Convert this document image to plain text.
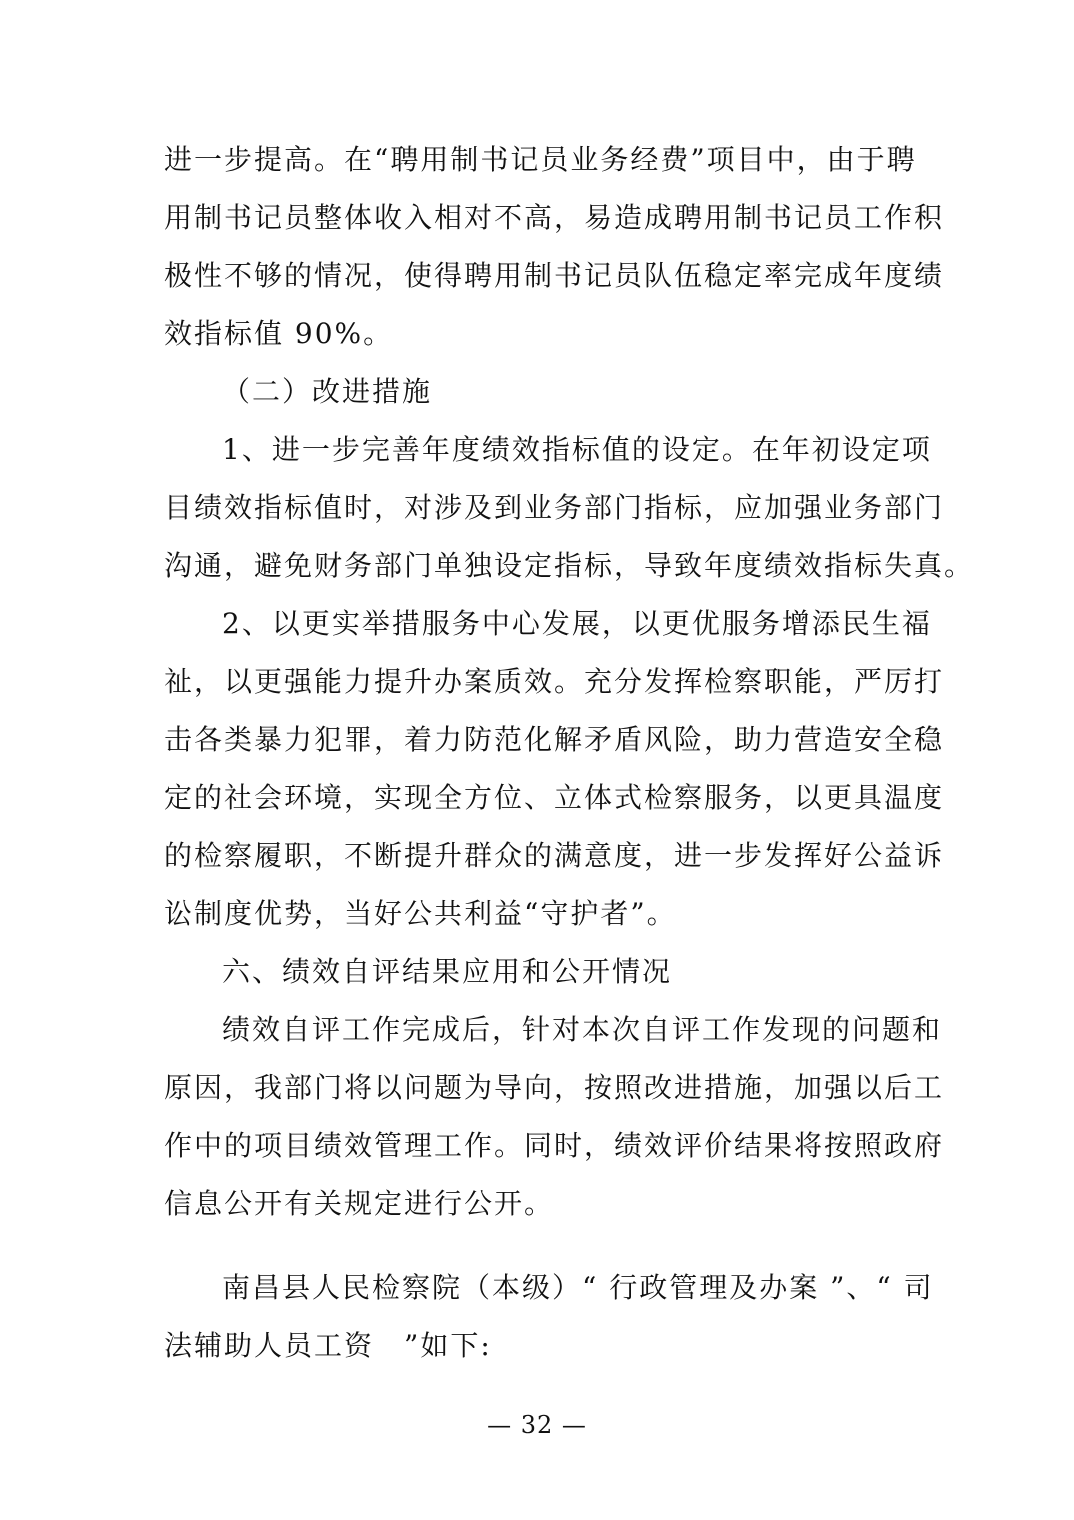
进一步提高。在“聘用制书记员业务经费”项目中，由于聘
用制书记员整体收入相对不高，易造成聘用制书记员工作积
极性不够的情况，使得聘用制书记员队伍稳定率完成年度绩
效指标值 90%。
（二）改进措施
1、进一步完善年度绩效指标值的设定。在年初设定项
目绩效指标值时，对涉及到业务部门指标，应加强业务部门
沟通，避免财务部门单独设定指标，导致年度绩效指标失真。
2、以更实举措服务中心发展，以更优服务增添民生福
祉，以更强能力提升办案质效。充分发挥检察职能，严厉打
击各类暴力犯罪，着力防范化解矛盾风险，助力营造安全稳
定的社会环境，实现全方位、立体式检察服务，以更具温度
的检察履职，不断提升群众的满意度，进一步发挥好公益诉
讼制度优势，当好公共利益“守护者”。
六、绩效自评结果应用和公开情况
绩效自评工作完成后，针对本次自评工作发现的问题和
原因，我部门将以问题为导向，按照改进措施，加强以后工
作中的项目绩效管理工作。同时，绩效评价结果将按照政府
信息公开有关规定进行公开。
南昌县人民检察院（本级）“ 行政管理及办案 ”、“ 司
法辅助人员工资　”如下:
— 32 —
